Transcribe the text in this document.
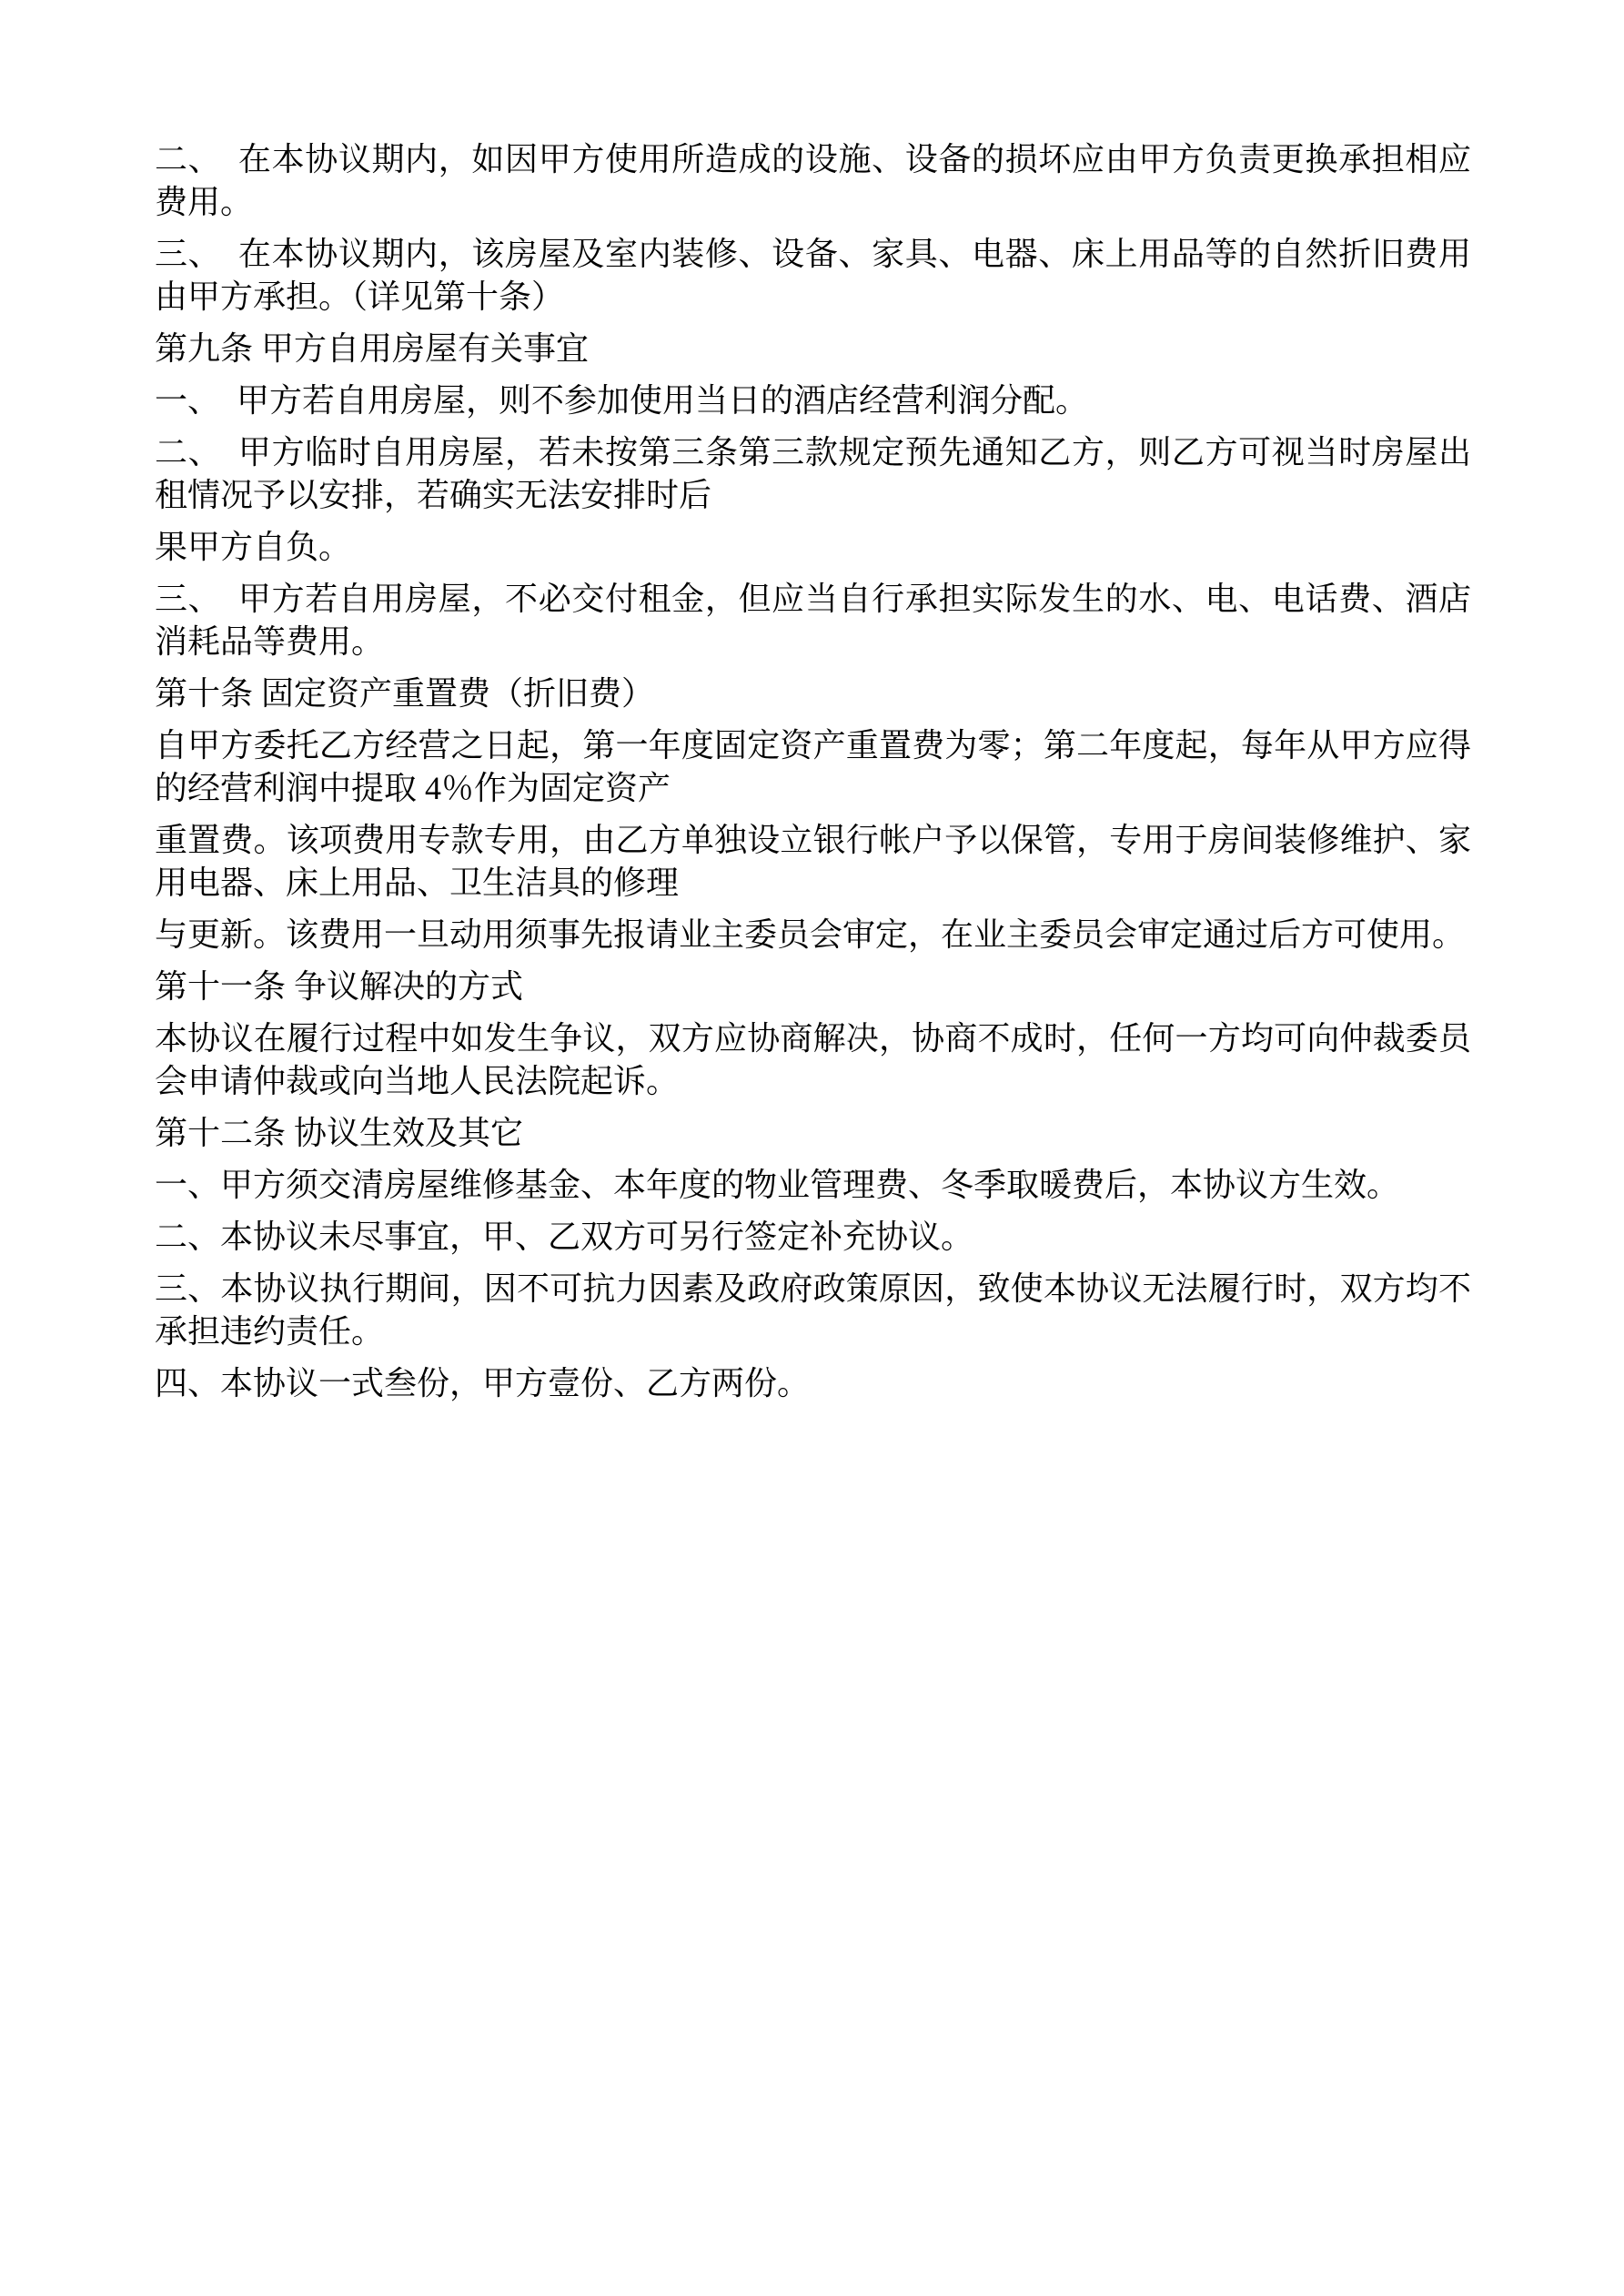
二、　在本协议期内，如因甲方使用所造成的设施、设备的损坏应由甲方负责更换承担相应费用。

三、　在本协议期内，该房屋及室内装修、设备、家具、电器、床上用品等的自然折旧费用由甲方承担。（详见第十条）

第九条 甲方自用房屋有关事宜

一、　甲方若自用房屋，则不参加使用当日的酒店经营利润分配。

二、　甲方临时自用房屋，若未按第三条第三款规定预先通知乙方，则乙方可视当时房屋出租情况予以安排，若确实无法安排时后

果甲方自负。

三、　甲方若自用房屋，不必交付租金，但应当自行承担实际发生的水、电、电话费、酒店消耗品等费用。

第十条 固定资产重置费（折旧费）

自甲方委托乙方经营之日起，第一年度固定资产重置费为零；第二年度起，每年从甲方应得的经营利润中提取 4％作为固定资产

重置费。该项费用专款专用，由乙方单独设立银行帐户予以保管，专用于房间装修维护、家用电器、床上用品、卫生洁具的修理

与更新。该费用一旦动用须事先报请业主委员会审定，在业主委员会审定通过后方可使用。

第十一条 争议解决的方式

本协议在履行过程中如发生争议，双方应协商解决，协商不成时，任何一方均可向仲裁委员会申请仲裁或向当地人民法院起诉。

第十二条 协议生效及其它

一、甲方须交清房屋维修基金、本年度的物业管理费、冬季取暖费后，本协议方生效。

二、本协议未尽事宜，甲、乙双方可另行签定补充协议。

三、本协议执行期间，因不可抗力因素及政府政策原因，致使本协议无法履行时，双方均不承担违约责任。

四、本协议一式叁份，甲方壹份、乙方两份。
